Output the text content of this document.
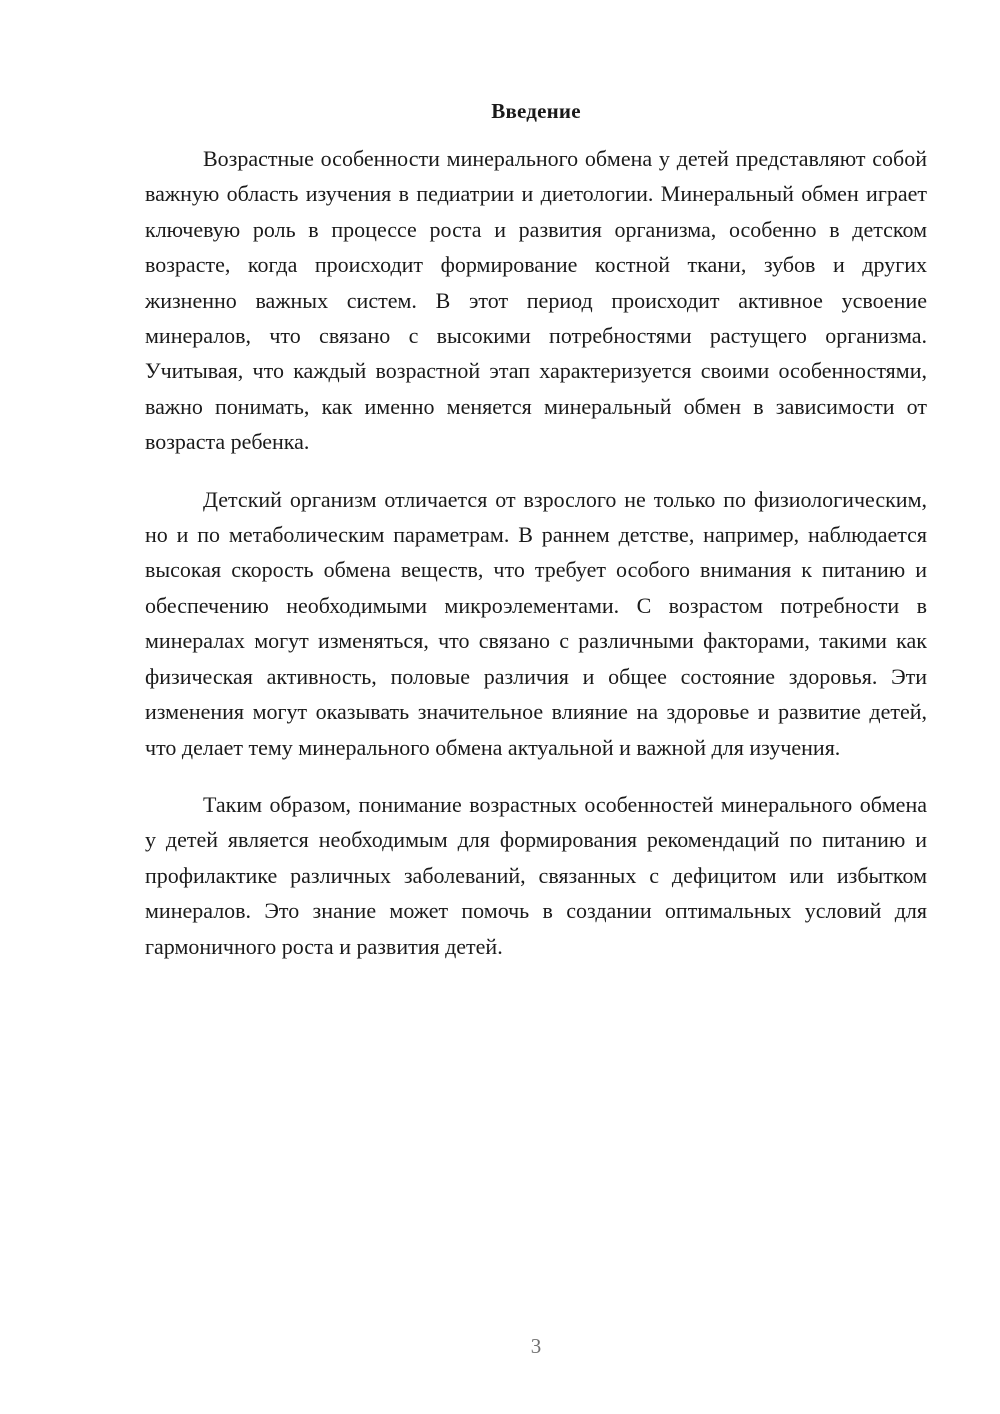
Введение

Возрастные особенности минерального обмена у детей представляют собой важную область изучения в педиатрии и диетологии. Минеральный обмен играет ключевую роль в процессе роста и развития организма, особенно в детском возрасте, когда происходит формирование костной ткани, зубов и других жизненно важных систем. В этот период происходит активное усвоение минералов, что связано с высокими потребностями растущего организма. Учитывая, что каждый возрастной этап характеризуется своими особенностями, важно понимать, как именно меняется минеральный обмен в зависимости от возраста ребенка.

Детский организм отличается от взрослого не только по физиологическим, но и по метаболическим параметрам. В раннем детстве, например, наблюдается высокая скорость обмена веществ, что требует особого внимания к питанию и обеспечению необходимыми микроэлементами. С возрастом потребности в минералах могут изменяться, что связано с различными факторами, такими как физическая активность, половые различия и общее состояние здоровья. Эти изменения могут оказывать значительное влияние на здоровье и развитие детей, что делает тему минерального обмена актуальной и важной для изучения.

Таким образом, понимание возрастных особенностей минерального обмена у детей является необходимым для формирования рекомендаций по питанию и профилактике различных заболеваний, связанных с дефицитом или избытком минералов. Это знание может помочь в создании оптимальных условий для гармоничного роста и развития детей.

3
